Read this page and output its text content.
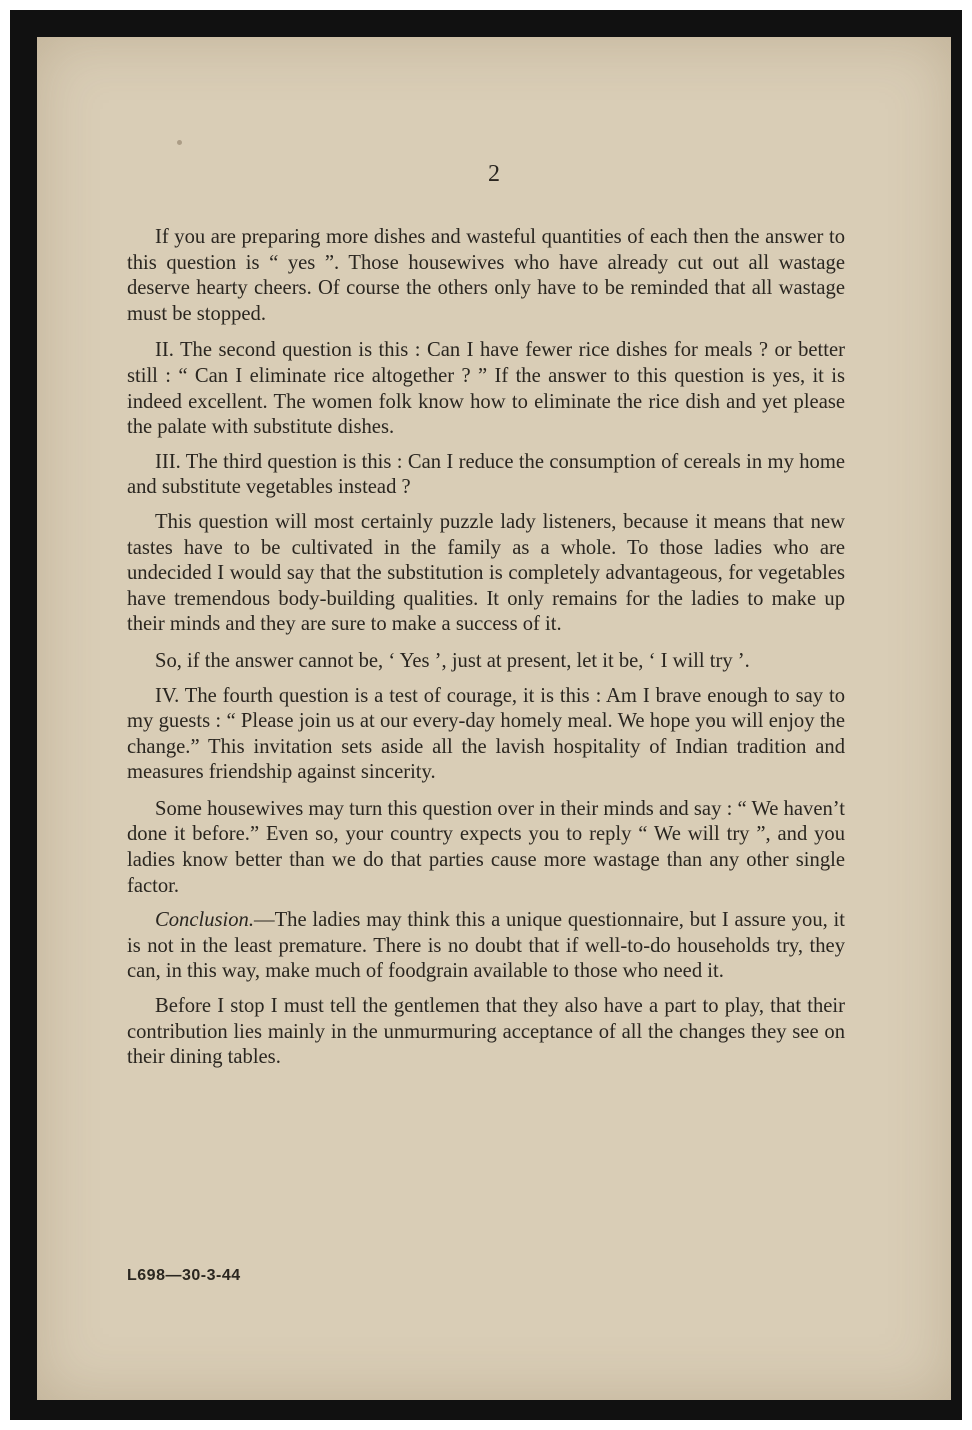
2

If you are preparing more dishes and wasteful quantities of each then the answer to this question is “ yes ”. Those housewives who have already cut out all wastage deserve hearty cheers. Of course the others only have to be reminded that all wastage must be stopped.

II. The second question is this : Can I have fewer rice dishes for meals ? or better still : “ Can I eliminate rice altogether ? ” If the answer to this question is yes, it is indeed excellent. The women folk know how to eliminate the rice dish and yet please the palate with substitute dishes.

III. The third question is this : Can I reduce the consumption of cereals in my home and substitute vegetables instead ?

This question will most certainly puzzle lady listeners, because it means that new tastes have to be cultivated in the family as a whole. To those ladies who are undecided I would say that the substitution is completely advantageous, for vegetables have tremendous body-building qualities. It only remains for the ladies to make up their minds and they are sure to make a success of it.

So, if the answer cannot be, ‘ Yes ’, just at present, let it be, ‘ I will try ’.

IV. The fourth question is a test of courage, it is this : Am I brave enough to say to my guests : “ Please join us at our every-day homely meal. We hope you will enjoy the change.” This invitation sets aside all the lavish hospitality of Indian tradition and measures friendship against sincerity.

Some housewives may turn this question over in their minds and say : “ We haven’t done it before.” Even so, your country expects you to reply “ We will try ”, and you ladies know better than we do that parties cause more wastage than any other single factor.

Conclusion.—The ladies may think this a unique questionnaire, but I assure you, it is not in the least premature. There is no doubt that if well-to-do households try, they can, in this way, make much of foodgrain available to those who need it.

Before I stop I must tell the gentlemen that they also have a part to play, that their contribution lies mainly in the unmurmuring acceptance of all the changes they see on their dining tables.

L698—30-3-44
